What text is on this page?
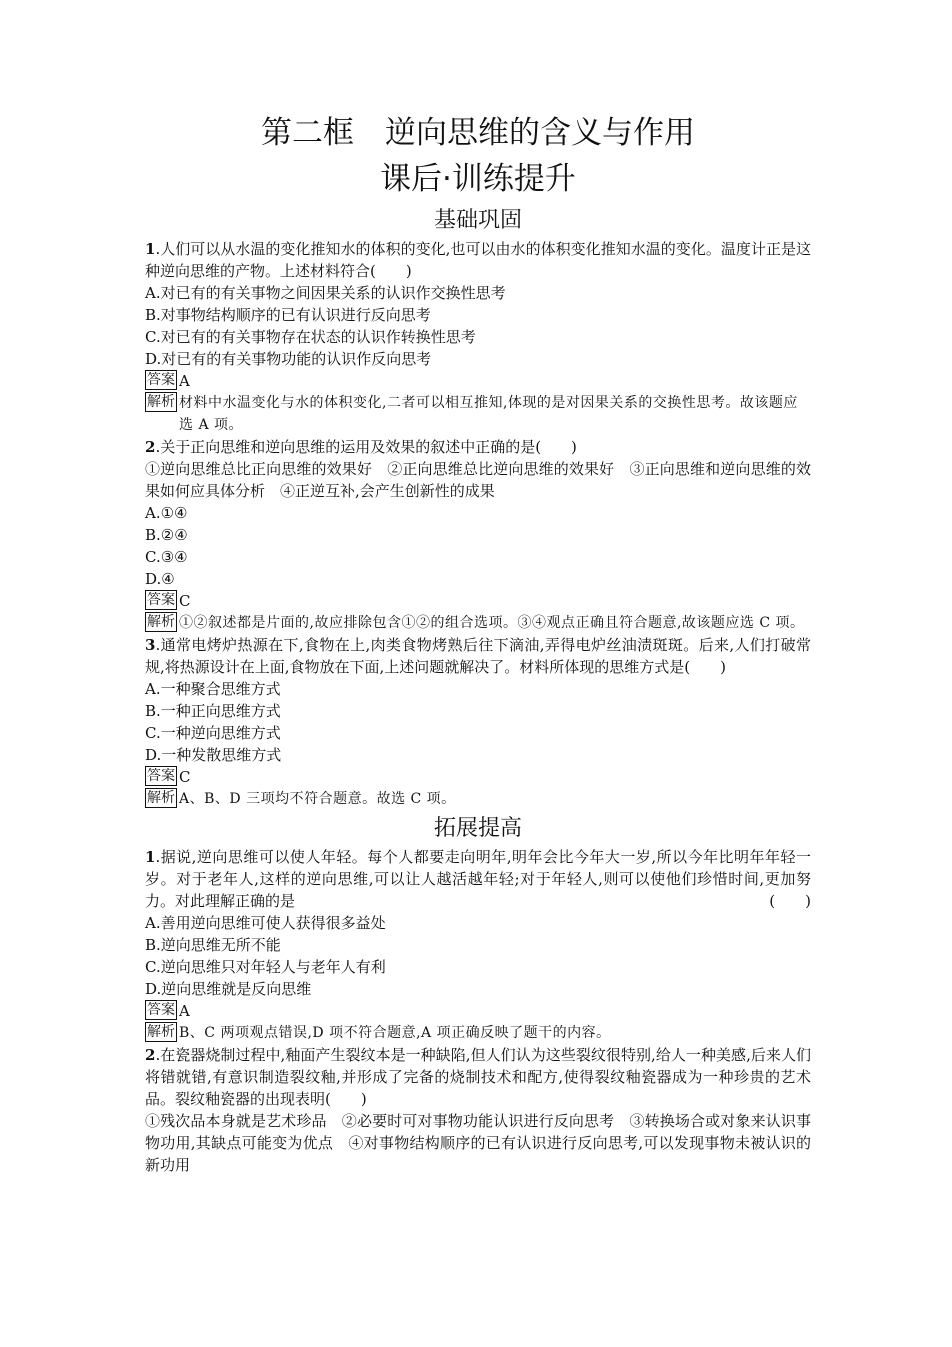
第二框　逆向思维的含义与作用
课后·训练提升
基础巩固
1.人们可以从水温的变化推知水的体积的变化,也可以由水的体积变化推知水温的变化。温度计正是这种逆向思维的产物。上述材料符合(　　)
A.对已有的有关事物之间因果关系的认识作交换性思考
B.对事物结构顺序的已有认识进行反向思考
C.对已有的有关事物存在状态的认识作转换性思考
D.对已有的有关事物功能的认识作反向思考
答案 A
解析 材料中水温变化与水的体积变化,二者可以相互推知,体现的是对因果关系的交换性思考。故该题应选 A 项。
2.关于正向思维和逆向思维的运用及效果的叙述中正确的是(　　)
①逆向思维总比正向思维的效果好　②正向思维总比逆向思维的效果好　③正向思维和逆向思维的效果如何应具体分析　④正逆互补,会产生创新性的成果
A.①④
B.②④
C.③④
D.④
答案 C
解析 ①②叙述都是片面的,故应排除包含①②的组合选项。③④观点正确且符合题意,故该题应选 C 项。
3.通常电烤炉热源在下,食物在上,肉类食物烤熟后往下滴油,弄得电炉丝油渍斑斑。后来,人们打破常规,将热源设计在上面,食物放在下面,上述问题就解决了。材料所体现的思维方式是(　　)
A.一种聚合思维方式
B.一种正向思维方式
C.一种逆向思维方式
D.一种发散思维方式
答案 C
解析 A、B、D 三项均不符合题意。故选 C 项。
拓展提高
1.据说,逆向思维可以使人年轻。每个人都要走向明年,明年会比今年大一岁,所以今年比明年年轻一岁。对于老年人,这样的逆向思维,可以让人越活越年轻;对于年轻人,则可以使他们珍惜时间,更加努力。对此理解正确的是	(　　)
A.善用逆向思维可使人获得很多益处
B.逆向思维无所不能
C.逆向思维只对年轻人与老年人有利
D.逆向思维就是反向思维
答案 A
解析 B、C 两项观点错误,D 项不符合题意,A 项正确反映了题干的内容。
2.在瓷器烧制过程中,釉面产生裂纹本是一种缺陷,但人们认为这些裂纹很特别,给人一种美感,后来人们将错就错,有意识制造裂纹釉,并形成了完备的烧制技术和配方,使得裂纹釉瓷器成为一种珍贵的艺术品。裂纹釉瓷器的出现表明(　　)
①残次品本身就是艺术珍品　②必要时可对事物功能认识进行反向思考　③转换场合或对象来认识事物功用,其缺点可能变为优点　④对事物结构顺序的已有认识进行反向思考,可以发现事物未被认识的新功用
